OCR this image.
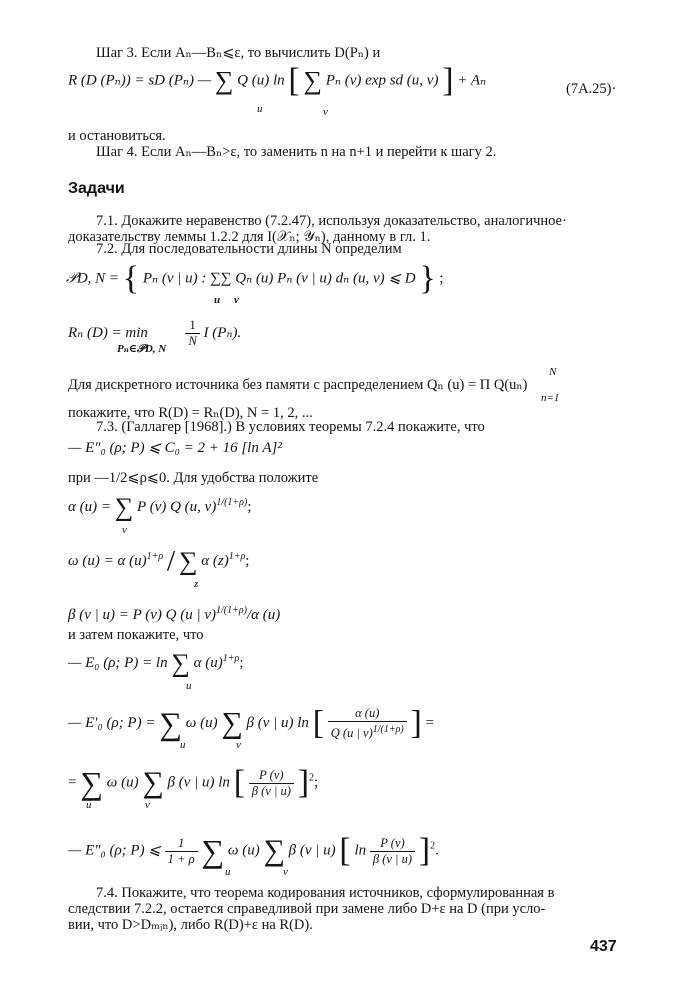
Шаг 3. Если Aₙ—Bₙ⩽ε, то вычислить D(Pₙ) и
R (D (Pₙ)) = sD (Pₙ) — ∑ Q (u) ln [ ∑ Pₙ (v) exp sd (u, v) ] + Aₙ
u	v
(7A.25)·
и остановиться.
Шаг 4. Если Aₙ—Bₙ>ε, то заменить n на n+1 и перейти к шагу 2.
Задачи
7.1. Докажите неравенство (7.2.47), используя доказательство, аналогичное·
доказательству леммы 1.2.2 для I(𝒳ₙ; 𝒴ₙ), данному в гл. 1.
7.2. Для последовательности длины N определим
𝒫D, N = { Pₙ (v | u) : ∑∑ Qₙ (u) Pₙ (v | u) dₙ (u, v) ⩽ D } ;
u v
Rₙ (D) = min	$\frac{1}{N}$ I (Pₙ).
Pₙ∈𝒫D, N
Для дискретного источника без памяти с распределением Qₙ (u) = Π Q(uₙ)
N
n=1
покажите, что R(D) = Rₙ(D), N = 1, 2, ...
7.3. (Галлагер [1968].) В условиях теоремы 7.2.4 покажите, что
— E″₀ (ρ; P) ⩽ C₀ = 2 + 16 [ln A]²
при —1/2⩽ρ⩽0. Для удобства положите
α (u) = ∑ P (v) Q (u, v)$^{1/(1+\rho)}$;
v
ω (u) = α $(u)^{1+\rho}$ / ∑ α $(z)^{1+\rho}$;
z
β (v | u) = P (v) Q (u | v)$^{1/(1+\rho)}$/α (u)
и затем покажите, что
— E₀ (ρ; P) = ln ∑ α $(u)^{1+\rho}$;
u
— E′₀ (ρ; P) = ∑ ω (u) ∑ β (v | u) ln [ $\frac{\alpha (u)}{Q (u | v)^{1/(1+\rho)}}$ ] =
u	v
= ∑ ω (u) ∑ β (v | u) ln [ $\frac{P (v)}{\beta (v | u)} ]^2$;
u	v
— E″₀ (ρ; P) ⩽ $\frac{1}{1 + \rho}$ ∑ ω (u) ∑ β (v | u) [ $\ln \frac{P (v)}{\beta (v | u)} ]^2$.
u	v
7.4. Покажите, что теорема кодирования источников, сформулированная в
следствии 7.2.2, остается справедливой при замене либо D+ε на D (при усло-
вии, что D>Dₘᵢₙ), либо R(D)+ε на R(D).
437
